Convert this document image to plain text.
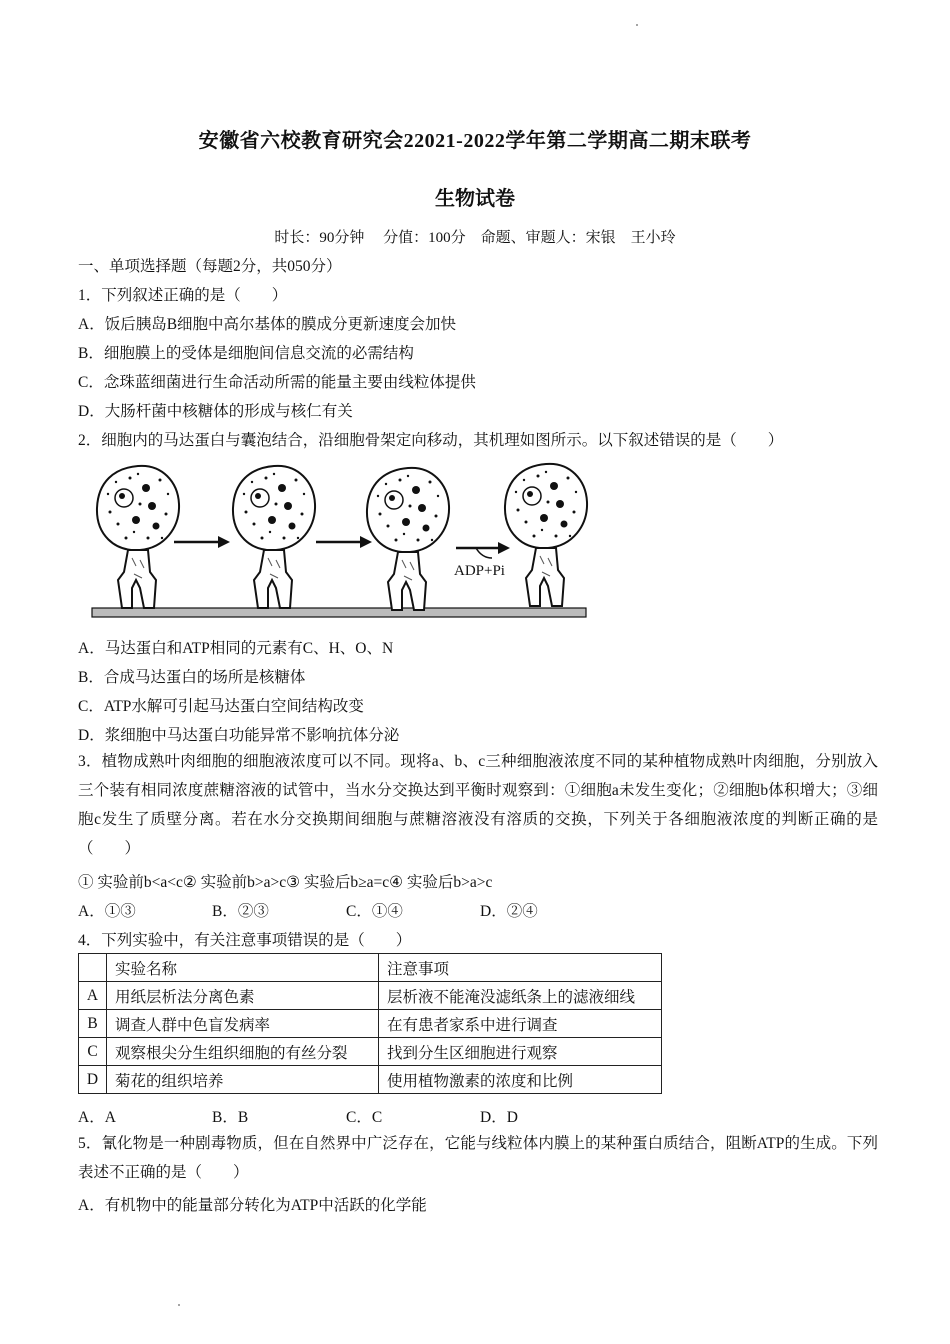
安徽省六校教育研究会22021-2022学年第二学期高二期末联考
生物试卷
时长：90分钟　 分值：100分　命题、审题人：宋银　王小玲
一、单项选择题（每题2分，共050分）
1．下列叙述正确的是（　　）
A．饭后胰岛B细胞中高尔基体的膜成分更新速度会加快
B．细胞膜上的受体是细胞间信息交流的必需结构
C．念珠蓝细菌进行生命活动所需的能量主要由线粒体提供
D．大肠杆菌中核糖体的形成与核仁有关
2．细胞内的马达蛋白与囊泡结合，沿细胞骨架定向移动，其机理如图所示。以下叙述错误的是（　　）
ADP+Pi
A．马达蛋白和ATP相同的元素有C、H、O、N
B．合成马达蛋白的场所是核糖体
C．ATP水解可引起马达蛋白空间结构改变
D．浆细胞中马达蛋白功能异常不影响抗体分泌
3．植物成熟叶肉细胞的细胞液浓度可以不同。现将a、b、c三种细胞液浓度不同的某种植物成熟叶肉细胞，分别放入三个装有相同浓度蔗糖溶液的试管中，当水分交换达到平衡时观察到：①细胞a未发生变化；②细胞b体积增大；③细胞c发生了质壁分离。若在水分交换期间细胞与蔗糖溶液没有溶质的交换，下列关于各细胞液浓度的判断正确的是（　　）
① 实验前b<a<c② 实验前b>a>c③ 实验后b≥a=c④ 实验后b>a>c
A．①③	B．②③	C．①④	D．②④
4．下列实验中，有关注意事项错误的是（　　）
	实验名称	注意事项
A	用纸层析法分离色素	层析液不能淹没滤纸条上的滤液细线
B	调查人群中色盲发病率	在有患者家系中进行调查
C	观察根尖分生组织细胞的有丝分裂	找到分生区细胞进行观察
D	菊花的组织培养	使用植物激素的浓度和比例
A．A	B．B	C．C	D．D
5．氰化物是一种剧毒物质，但在自然界中广泛存在，它能与线粒体内膜上的某种蛋白质结合，阻断ATP的生成。下列表述不正确的是（　　）
A．有机物中的能量部分转化为ATP中活跃的化学能
